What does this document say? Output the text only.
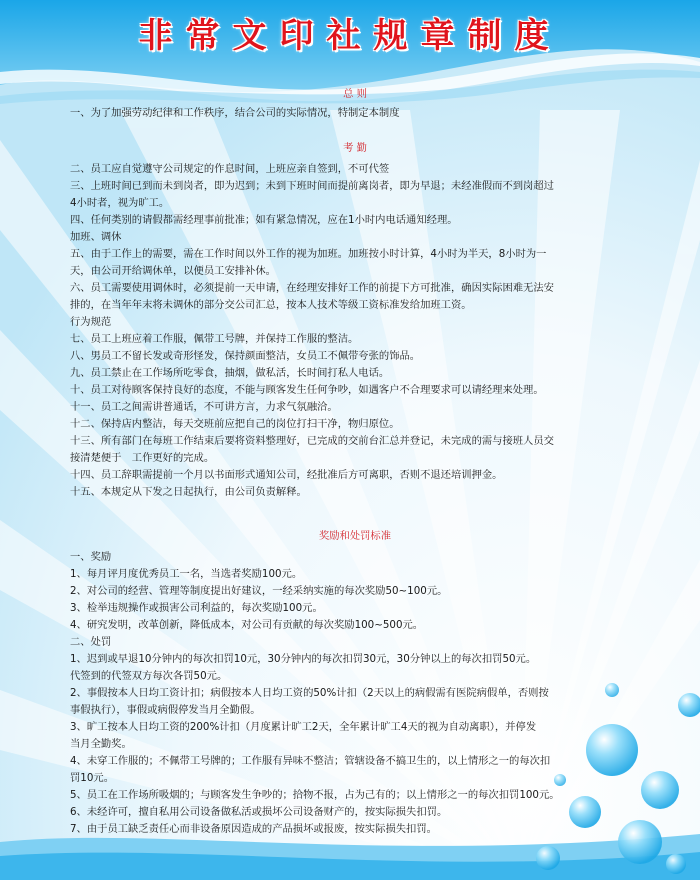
非常文印社规章制度
总 则

一、为了加强劳动纪律和工作秩序，结合公司的实际情况，特制定本制度

考 勤

二、员工应自觉遵守公司规定的作息时间，上班应亲自签到，不可代签

三、上班时间已到而未到岗者，即为迟到；未到下班时间而提前离岗者，即为早退；未经准假而不到岗超过

4小时者，视为旷工。

四、任何类别的请假都需经理事前批准；如有紧急情况，应在1小时内电话通知经理。

加班、调休

五、由于工作上的需要，需在工作时间以外工作的视为加班。加班按小时计算，4小时为半天，8小时为一

天，由公司开给调休单，以便员工安排补休。

六、员工需要使用调休时，必须提前一天申请，在经理安排好工作的前提下方可批准，确因实际困难无法安

排的，在当年年末将未调休的部分交公司汇总，按本人技术等级工资标准发给加班工资。

行为规范

七、员工上班应着工作服，佩带工号牌，并保持工作服的整洁。

八、男员工不留长发或奇形怪发，保持颜面整洁，女员工不佩带夸张的饰品。

九、员工禁止在工作场所吃零食，抽烟，做私活，长时间打私人电话。

十、员工对待顾客保持良好的态度，不能与顾客发生任何争吵，如遇客户不合理要求可以请经理来处理。

十一、员工之间需讲普通话，不可讲方言，力求气氛融洽。

十二、保持店内整洁，每天交班前应把自己的岗位打扫干净，物归原位。

十三、所有部门在每班工作结束后要将资料整理好，已完成的交前台汇总并登记，未完成的需与接班人员交

接清楚便于　工作更好的完成。

十四、员工辞职需提前一个月以书面形式通知公司，经批准后方可离职，否则不退还培训押金。

十五、本规定从下发之日起执行，由公司负责解释。

奖励和处罚标准

一、奖励

1、每月评月度优秀员工一名，当选者奖励100元。

2、对公司的经营、管理等制度提出好建议，一经采纳实施的每次奖励50~100元。

3、检举违规操作或损害公司利益的，每次奖励100元。

4、研究发明，改革创新，降低成本，对公司有贡献的每次奖励100~500元。

二、处罚

1、迟到或早退10分钟内的每次扣罚10元，30分钟内的每次扣罚30元，30分钟以上的每次扣罚50元。

代签到的代签双方每次各罚50元。

2、事假按本人日均工资计扣；病假按本人日均工资的50%计扣（2天以上的病假需有医院病假单，否则按

事假执行），事假或病假停发当月全勤假。

3、旷工按本人日均工资的200%计扣（月度累计旷工2天，全年累计旷工4天的视为自动离职），并停发

当月全勤奖。

4、未穿工作服的；不佩带工号牌的；工作服有异味不整洁；管辖设备不搞卫生的，以上情形之一的每次扣

罚10元。

5、员工在工作场所吸烟的；与顾客发生争吵的；拾物不报，占为己有的；以上情形之一的每次扣罚100元。

6、未经许可，擅自私用公司设备做私活或损坏公司设备财产的，按实际损失扣罚。

7、由于员工缺乏责任心而非设备原因造成的产品损坏或报废，按实际损失扣罚。
